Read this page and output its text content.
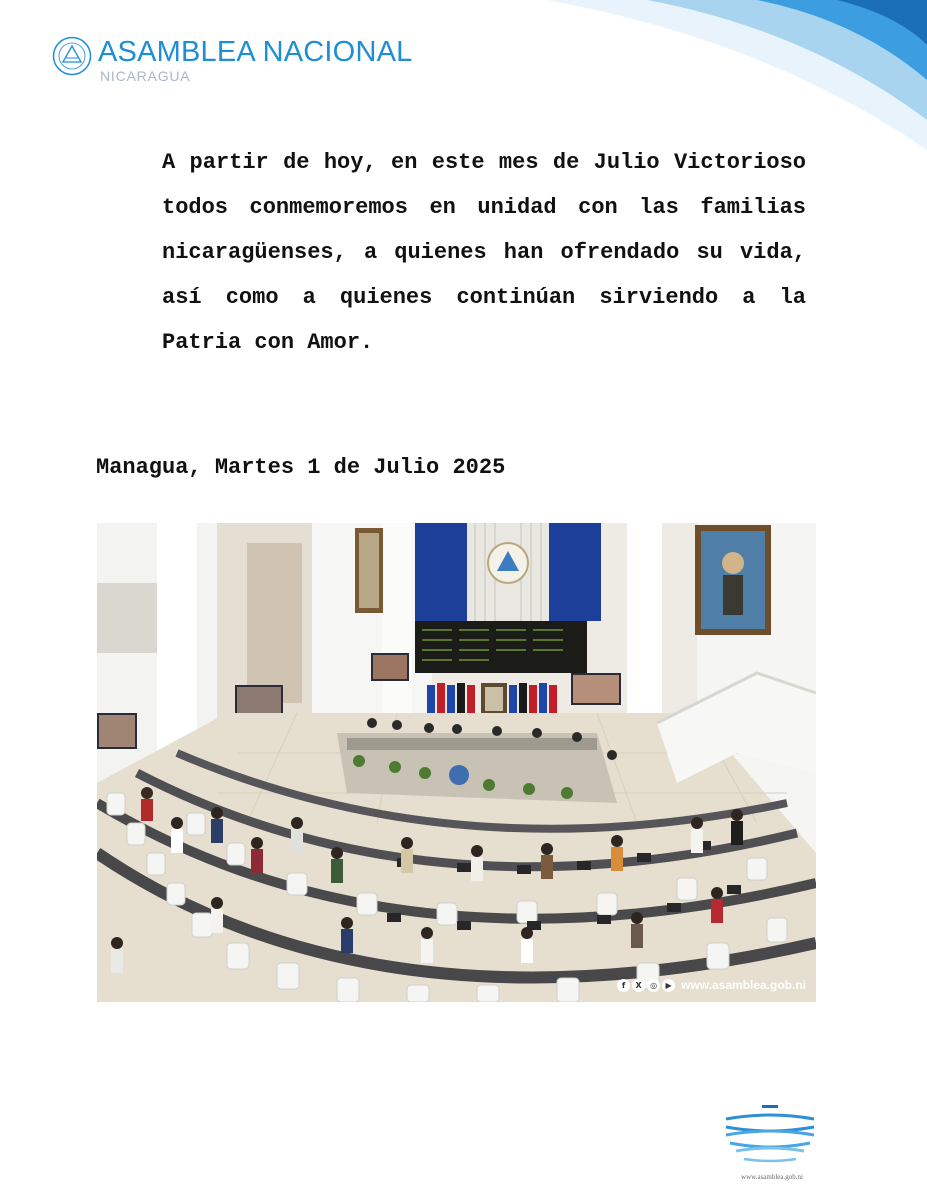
ASAMBLEA NACIONAL
NICARAGUA

A partir de hoy, en este mes de Julio Victorioso todos conmemoremos en unidad con las familias nicaragüenses, a quienes han ofrendado su vida, así como a quienes continúan sirviendo a la Patria con Amor.

Managua, Martes 1 de Julio 2025
f	X	◎	▶ www.asamblea.gob.ni
www.asamblea.gob.ni
